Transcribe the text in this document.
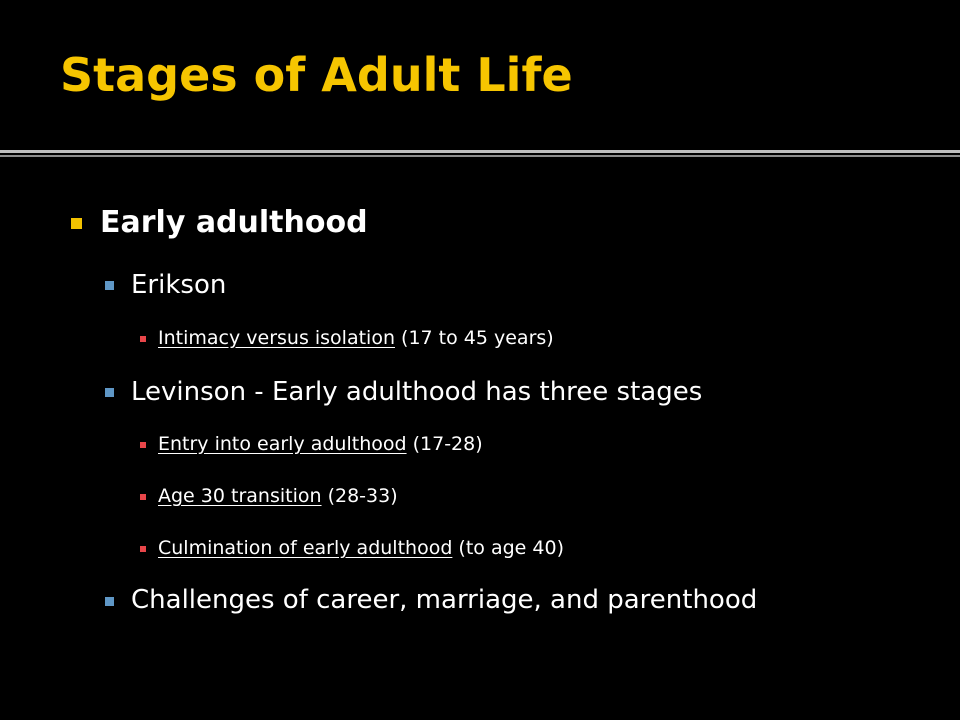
Stages of Adult Life
Early adulthood
Erikson
Intimacy versus isolation (17 to 45 years)
Levinson - Early adulthood has three stages
Entry into early adulthood (17-28)
Age 30 transition (28-33)
Culmination of early adulthood (to age 40)
Challenges of career, marriage, and parenthood
